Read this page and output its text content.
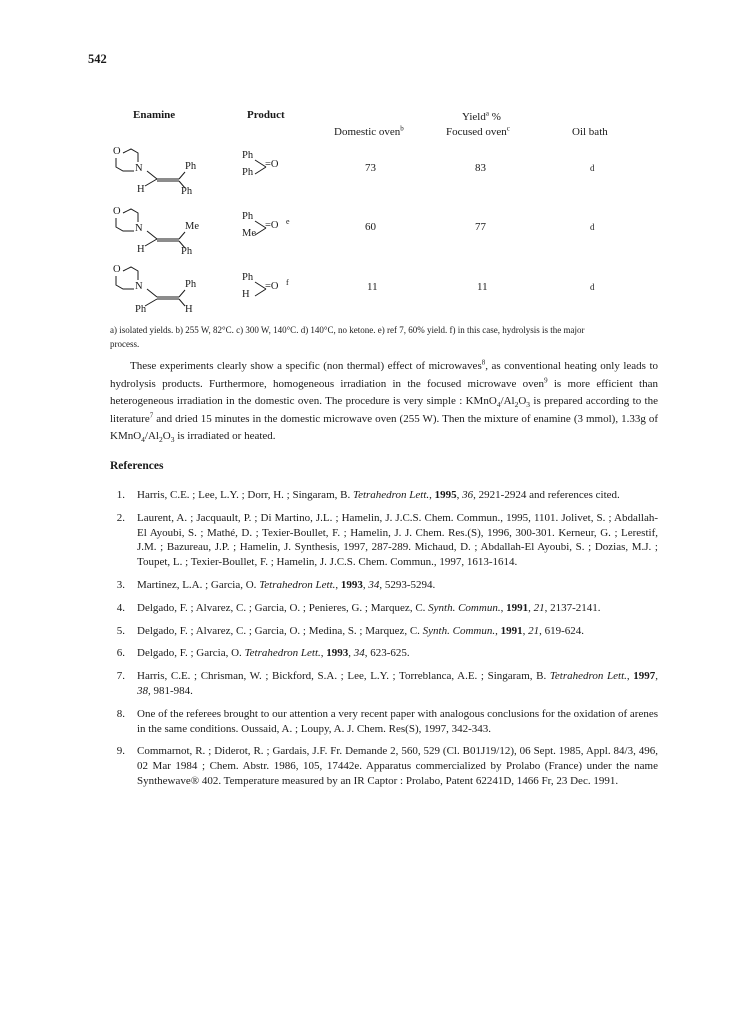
542
Enamine	Product	Yield$^a$ %
Domestic oven$^b$	Focused oven$^c$	Oil bath
O
N	Ph
H	Ph
Ph
Ph
=O	73	83	d
O
N	Me
H	Ph
Ph
Me
=O e	60	77	d
O
N	Ph
H
Ph
Ph
H
=O f	11	11	d
a) isolated yields. b) 255 W, 82°C. c) 300 W, 140°C. d) 140°C, no ketone. e) ref 7, 60% yield. f) in this case, hydrolysis is the major
process.
These experiments clearly show a specific (non thermal) effect of microwaves$^8$, as conventional heating only leads to hydrolysis products. Furthermore, homogeneous irradiation in the focused microwave oven$^9$ is more efficient than heterogeneous irradiation in the domestic oven. The procedure is very simple : $KMnO_4/Al_2O_3$ is prepared according to the literature$^7$ and dried 15 minutes in the domestic microwave oven (255 W). Then the mixture of enamine (3 mmol), 1.33g of $KMnO_4/Al_2O_3$ is irradiated or heated.
References
1. Harris, C.E. ; Lee, L.Y. ; Dorr, H. ; Singaram, B. Tetrahedron Lett., 1995, 36, 2921-2924 and references cited.
2. Laurent, A. ; Jacquault, P. ; Di Martino, J.L. ; Hamelin, J. J.C.S. Chem. Commun., 1995, 1101. Jolivet, S. ; Abdallah-El Ayoubi, S. ; Mathé, D. ; Texier-Boullet, F. ; Hamelin, J. J. Chem. Res.(S), 1996, 300-301. Kerneur, G. ; Lerestif, J.M. ; Bazureau, J.P. ; Hamelin, J. Synthesis, 1997, 287-289. Michaud, D. ; Abdallah-El Ayoubi, S. ; Dozias, M.J. ; Toupet, L. ; Texier-Boullet, F. ; Hamelin, J. J.C.S. Chem. Commun., 1997, 1613-1614.
3. Martinez, L.A. ; Garcia, O. Tetrahedron Lett., 1993, 34, 5293-5294.
4. Delgado, F. ; Alvarez, C. ; Garcia, O. ; Penieres, G. ; Marquez, C. Synth. Commun., 1991, 21, 2137-2141.
5. Delgado, F. ; Alvarez, C. ; Garcia, O. ; Medina, S. ; Marquez, C. Synth. Commun., 1991, 21, 619-624.
6. Delgado, F. ; Garcia, O. Tetrahedron Lett., 1993, 34, 623-625.
7. Harris, C.E. ; Chrisman, W. ; Bickford, S.A. ; Lee, L.Y. ; Torreblanca, A.E. ; Singaram, B. Tetrahedron Lett., 1997, 38, 981-984.
8. One of the referees brought to our attention a very recent paper with analogous conclusions for the oxidation of arenes in the same conditions. Oussaid, A. ; Loupy, A. J. Chem. Res(S), 1997, 342-343.
9. Commarnot, R. ; Diderot, R. ; Gardais, J.F. Fr. Demande 2, 560, 529 (Cl. B01J19/12), 06 Sept. 1985, Appl. 84/3, 496, 02 Mar 1984 ; Chem. Abstr. 1986, 105, 17442e. Apparatus commercialized by Prolabo (France) under the name Synthewave® 402. Temperature measured by an IR Captor : Prolabo, Patent 62241D, 1466 Fr, 23 Dec. 1991.
